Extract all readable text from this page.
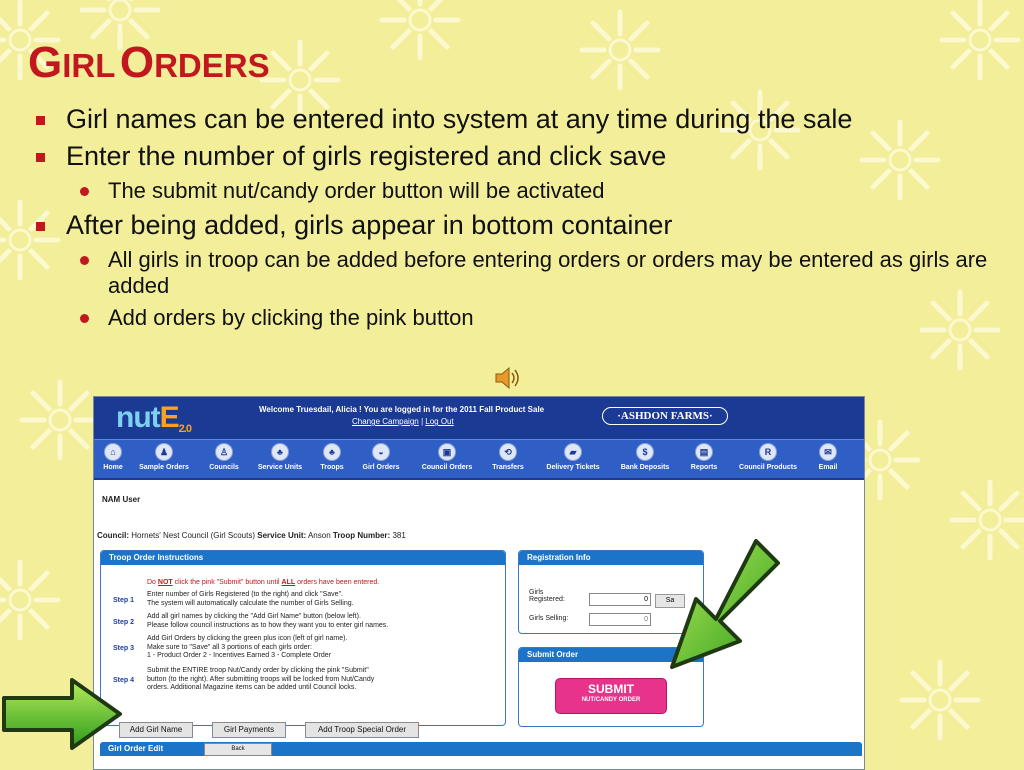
GIRL ORDERS
Girl names can be entered into system at any time during the sale
Enter the number of girls registered and click save
The submit nut/candy order button will be activated
After being added, girls appear in bottom container
All girls in troop can be added before entering orders or orders may be entered as girls are added
Add orders by clicking the pink button
nutE2.0
Welcome Truesdail, Alicia ! You are logged in for the 2011 Fall Product Sale
Change Campaign | Log Out	·ASHDON FARMS·
⌂
Home
♟
Sample Orders
♙
Councils
♣
Service Units
♣
Troops
◒
Girl Orders
▣
Council Orders
⟲
Transfers
▰
Delivery Tickets
$
Bank Deposits
▤
Reports
R
Council Products
✉
Email
NAM User
Council: Hornets' Nest Council (Girl Scouts) Service Unit: Anson Troop Number: 381
Troop Order Instructions
Do NOT click the pink "Submit" button until ALL orders have been entered.
Step 1
Enter number of Girls Registered (to the right) and click "Save".
The system will automatically calculate the number of Girls Selling.
Step 2
Add all girl names by clicking the "Add Girl Name" button (below left).
Please follow council instructions as to how they want you to enter girl names.
Step 3
Add Girl Orders by clicking the green plus icon (left of girl name).
Make sure to "Save" all 3 portions of each girls order:
1 - Product Order 2 - Incentives Earned 3 - Complete Order
Step 4
Submit the ENTIRE troop Nut/Candy order by clicking the pink "Submit"
button (to the right). After submitting troops will be locked from Nut/Candy
orders. Additional Magazine items can be added until Council locks.
Registration Info
Girls
Registered:	0	Sa
Girls Selling:	0
Submit Order
SUBMIT
NUT/CANDY ORDER
Add Girl Name	Girl Payments	Add Troop Special Order
Girl Order Edit	Back
